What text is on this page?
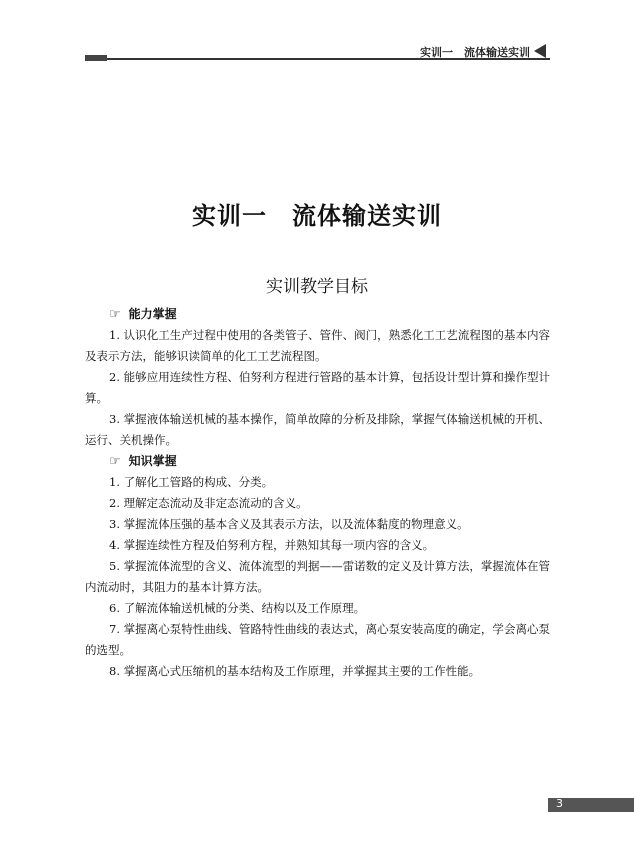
实训一　流体输送实训
实训一　流体输送实训
实训教学目标
☞ 能力掌握

1. 认识化工生产过程中使用的各类管子、管件、阀门，熟悉化工工艺流程图的基本内容及表示方法，能够识读简单的化工工艺流程图。

2. 能够应用连续性方程、伯努利方程进行管路的基本计算，包括设计型计算和操作型计算。

3. 掌握液体输送机械的基本操作，简单故障的分析及排除，掌握气体输送机械的开机、运行、关机操作。

☞ 知识掌握

1. 了解化工管路的构成、分类。

2. 理解定态流动及非定态流动的含义。

3. 掌握流体压强的基本含义及其表示方法，以及流体黏度的物理意义。

4. 掌握连续性方程及伯努利方程，并熟知其每一项内容的含义。

5. 掌握流体流型的含义、流体流型的判据——雷诺数的定义及计算方法，掌握流体在管内流动时，其阻力的基本计算方法。

6. 了解流体输送机械的分类、结构以及工作原理。

7. 掌握离心泵特性曲线、管路特性曲线的表达式，离心泵安装高度的确定，学会离心泵的选型。

8. 掌握离心式压缩机的基本结构及工作原理，并掌握其主要的工作性能。

3
